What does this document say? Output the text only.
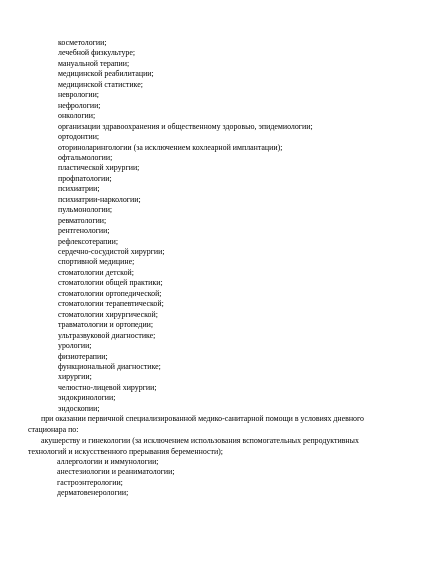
косметологии;
лечебной физкультуре;
мануальной терапии;
медицинской реабилитации;
медицинской статистике;
неврологии;
нефрологии;
онкологии;
организации здравоохранения и общественному здоровью, эпидемиологии;
ортодонтии;
оториноларингологии (за исключением кохлеарной имплантации);
офтальмологии;
пластической хирургии;
профпатологии;
психиатрии;
психиатрии-наркологии;
пульмонологии;
ревматологии;
рентгенологии;
рефлексотерапии;
сердечно-сосудистой хирургии;
спортивной медицине;
стоматологии детской;
стоматологии общей практики;
стоматологии ортопедической;
стоматологии терапевтической;
стоматологии хирургической;
травматологии и ортопедии;
ультразвуковой диагностике;
урологии;
физиотерапии;
функциональной диагностике;
хирургии;
челюстно-лицевой хирургии;
эндокринологии;
эндоскопии;
при оказании первичной специализированной медико-санитарной помощи в условиях дневного
стационара по:
акушерству и гинекологии (за исключением использования вспомогательных репродуктивных
технологий и искусственного прерывания беременности);
аллергологии и иммунологии;
анестезиологии и реаниматологии;
гастроэнтерологии;
дерматовенерологии;
